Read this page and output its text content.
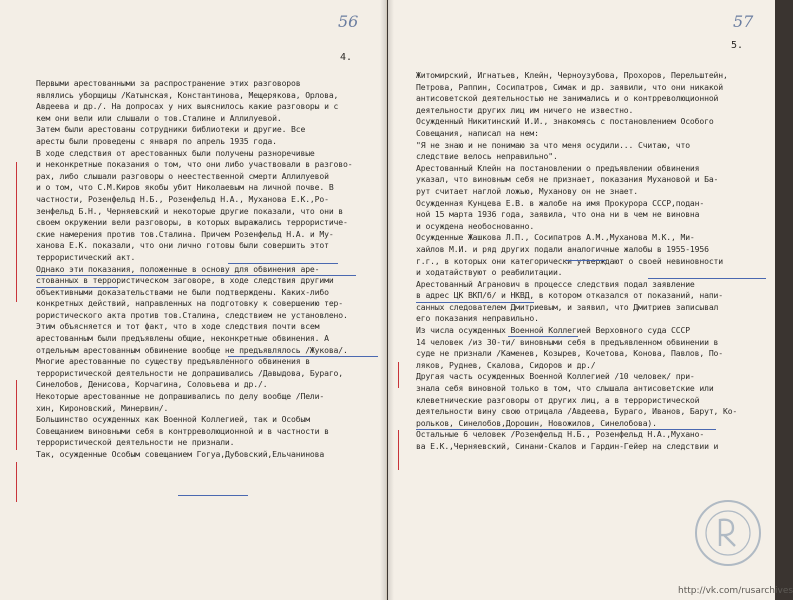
56
4.
Первыми арестованными за распространение этих разговоров
являлись уборщицы /Катынская, Константинова, Мещерякова, Орлова,
Авдеева и др./. На допросах у них выяснилось какие разговоры и с
кем они вели или слышали о тов.Сталине и Аллилуевой.
Затем были арестованы сотрудники библиотеки и другие. Все
аресты были проведены с января по апрель 1935 года.
В ходе следствия от арестованных были получены разноречивые
и неконкретные показания о том, что они либо участвовали в разгово-
рах, либо слышали разговоры о неестественной смерти Аллилуевой
и о том, что С.М.Киров якобы убит Николаевым на личной почве. В
частности, Розенфельд Н.Б., Розенфельд Н.А., Муханова Е.К.,Ро-
зенфельд Б.Н., Черняевский и некоторые другие показали, что они в
своем окружении вели разговоры, в которых выражались террористиче-
ские намерения против тов.Сталина. Причем Розенфельд Н.А. и Му-
ханова Е.К. показали, что они лично готовы были совершить этот
террористический акт.
Однако эти показания, положенные в основу для обвинения аре-
стованных в террористическом заговоре, в ходе следствия другими
объективными доказательствами не были подтверждены. Каких-либо
конкретных действий, направленных на подготовку к совершению тер-
рористического акта против тов.Сталина, следствием не установлено.
Этим объясняется и тот факт, что в ходе следствия почти всем
арестованным были предъявлены общие, неконкретные обвинения. А
отдельным арестованным обвинение вообще не предъявлялось /Жукова/.
Многие арестованные по существу предъявленного обвинения в
террористической деятельности не допрашивались /Давыдова, Бураго,
Синелобов, Денисова, Корчагина, Соловьева и др./.
Некоторые арестованные не допрашивались по делу вообще /Пели-
хин, Кироновский, Минервин/.
Большинство осужденных как Военной Коллегией, так и Особым
Совещанием виновными себя в контрреволюционной и в частности в
террористической деятельности не признали.
Так, осужденные Особым совещанием Гогуа,Дубовский,Ельчанинова
57
5.
Житомирский, Игнатьев, Клейн, Черноузубова, Прохоров, Перельштейн,
Петрова, Раппин, Сосипатров, Симак и др. заявили, что они никакой
антисоветской деятельностью не занимались и о контрреволюционной
деятельности других лиц им ничего не известно.
Осужденный Никитинский И.И., знакомясь с постановлением Особого
Совещания, написал на нем:
"Я не знаю и не понимаю за что меня осудили... Считаю, что
следствие велось неправильно".
Арестованный Клейн на постановлении о предъявлении обвинения
указал, что виновным себя не признает, показания Мухановой и Ба-
рут считает наглой ложью, Муханову он не знает.
Осужденная Кунцева Е.В. в жалобе на имя Прокурора СССР,подан-
ной 15 марта 1936 года, заявила, что она ни в чем не виновна
и осуждена необоснованно.
Осужденные Жашкова Л.П., Сосипатров А.М.,Муханова М.К., Ми-
хайлов М.И. и ряд других подали аналогичные жалобы в 1955-1956
г.г., в которых они категорически утверждают о своей невиновности
и ходатайствуют о реабилитации.
Арестованный Агранович в процессе следствия подал заявление
в адрес ЦК ВКП/б/ и НКВД, в котором отказался от показаний, напи-
санных следователем Дмитриевым, и заявил, что Дмитриев записывал
его показания неправильно.
Из числа осужденных Военной Коллегией Верховного суда СССР
14 человек /из 30-ти/ виновными себя в предъявленном обвинении в
суде не признали /Каменев, Козырев, Кочетова, Конова, Павлов, По-
ляков, Руднев, Скалова, Сидоров и др./
Другая часть осужденных Военной Коллегией /10 человек/ при-
знала себя виновной только в том, что слышала антисоветские или
клеветнические разговоры от других лиц, а в террористической
деятельности вину свою отрицала /Авдеева, Бураго, Иванов, Барут, Ко-
рольков, Синелобов,Дорошин, Новожилов, Синелобова).
Остальные 6 человек /Розенфельд Н.Б., Розенфельд Н.А.,Мухано-
ва Е.К.,Черняевский, Синани-Скалов и Гардин-Гейер на следствии и
http://vk.com/rusarchives
